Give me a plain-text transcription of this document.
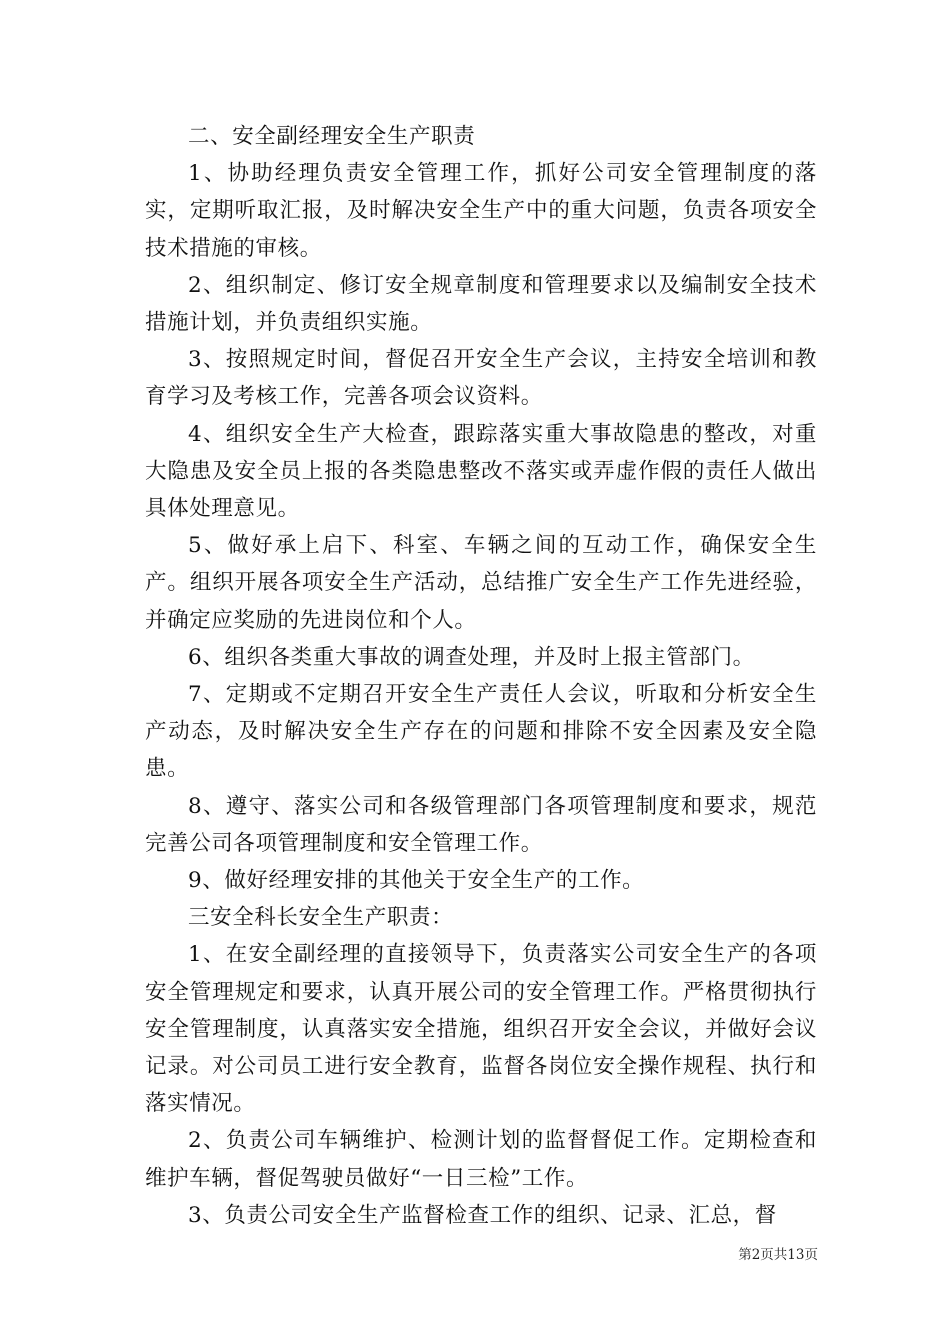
二、安全副经理安全生产职责

1、协助经理负责安全管理工作，抓好公司安全管理制度的落实，定期听取汇报，及时解决安全生产中的重大问题，负责各项安全技术措施的审核。

2、组织制定、修订安全规章制度和管理要求以及编制安全技术措施计划，并负责组织实施。

3、按照规定时间，督促召开安全生产会议，主持安全培训和教育学习及考核工作，完善各项会议资料。

4、组织安全生产大检查，跟踪落实重大事故隐患的整改，对重大隐患及安全员上报的各类隐患整改不落实或弄虚作假的责任人做出具体处理意见。

5、做好承上启下、科室、车辆之间的互动工作，确保安全生产。组织开展各项安全生产活动，总结推广安全生产工作先进经验，并确定应奖励的先进岗位和个人。

6、组织各类重大事故的调查处理，并及时上报主管部门。

7、定期或不定期召开安全生产责任人会议，听取和分析安全生产动态，及时解决安全生产存在的问题和排除不安全因素及安全隐患。

8、遵守、落实公司和各级管理部门各项管理制度和要求，规范完善公司各项管理制度和安全管理工作。

9、做好经理安排的其他关于安全生产的工作。

三安全科长安全生产职责：

1、在安全副经理的直接领导下，负责落实公司安全生产的各项安全管理规定和要求，认真开展公司的安全管理工作。严格贯彻执行安全管理制度，认真落实安全措施，组织召开安全会议，并做好会议记录。对公司员工进行安全教育，监督各岗位安全操作规程、执行和落实情况。

2、负责公司车辆维护、检测计划的监督督促工作。定期检查和维护车辆，督促驾驶员做好“一日三检”工作。

3、负责公司安全生产监督检查工作的组织、记录、汇总，督

第2页共13页
